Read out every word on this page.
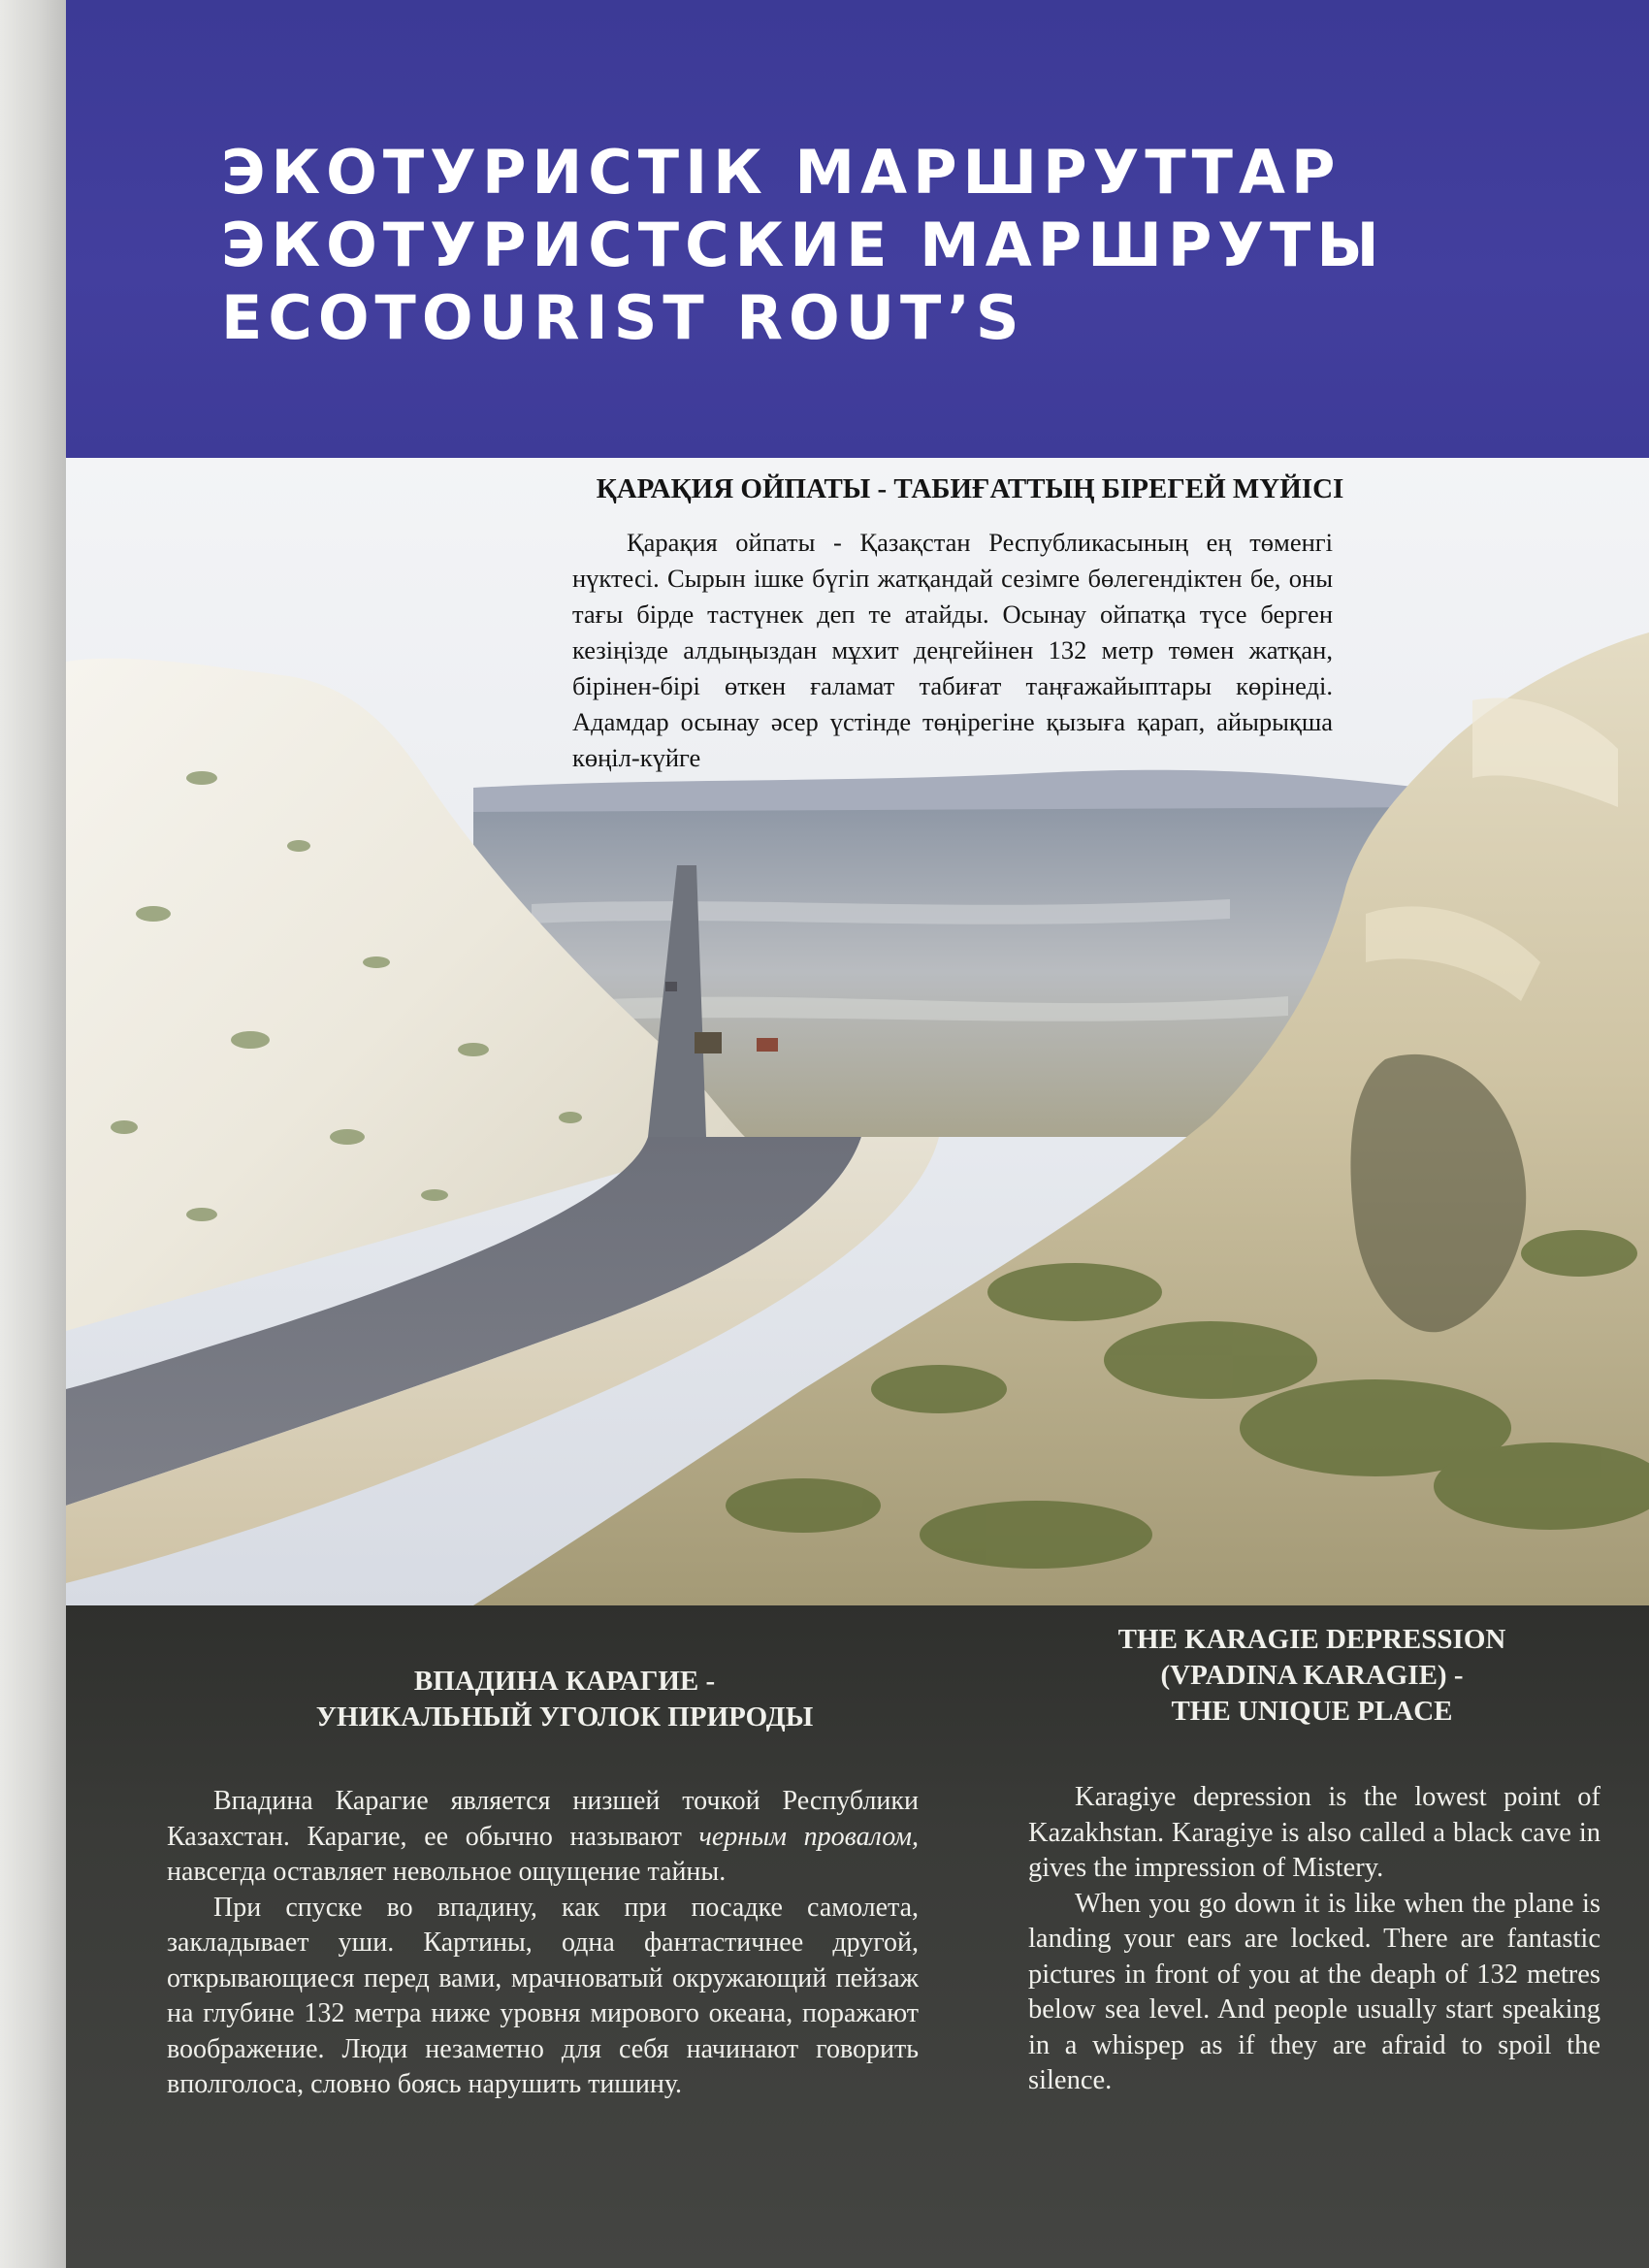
ЭКОТУРИСТІК МАРШРУТТАР
ЭКОТУРИСТСКИЕ МАРШРУТЫ
ECOTOURIST ROUT’S
ҚАРАҚИЯ ОЙПАТЫ - ТАБИҒАТТЫҢ БІРЕГЕЙ МҮЙІСІ

Қарақия ойпаты - Қазақстан Республикасының ең төменгі нүктесі. Сырын ішке бүгіп жатқандай сезімге бөлегендіктен бе, оны тағы бірде тастүнек деп те атайды. Осынау ойпатқа түсе берген кезіңізде алдыңыздан мұхит деңгейінен 132 метр төмен жатқан, бірінен-бірі өткен ғаламат табиғат таңғажайыптары көрінеді. Адамдар осынау әсер үстінде төңірегіне қызыға қарап, айырықша көңіл-күйге

ВПАДИНА КАРАГИЕ -
УНИКАЛЬНЫЙ УГОЛОК ПРИРОДЫ

Впадина Карагие является низшей точкой Республики Казахстан. Карагие, ее обычно называют черным провалом, навсегда оставляет невольное ощущение тайны.

При спуске во впадину, как при посадке самолета, закладывает уши. Картины, одна фантастичнее другой, открывающиеся перед вами, мрачноватый окружающий пейзаж на глубине 132 метра ниже уровня мирового океана, поражают воображение. Люди незаметно для себя начинают говорить вполголоса, словно боясь нарушить тишину.

THE KARAGIE DEPRESSION
(VPADINA KARAGIE) -
THE UNIQUE PLACE

Karagiye depression is the lowest point of Kazakhstan. Karagiye is also called a black cave in gives the impression of Mistery.

When you go down it is like when the plane is landing your ears are locked. There are fantastic pictures in front of you at the deaph of 132 metres below sea level. And people usually start speaking in a whispep as if they are afraid to spoil the silence.
